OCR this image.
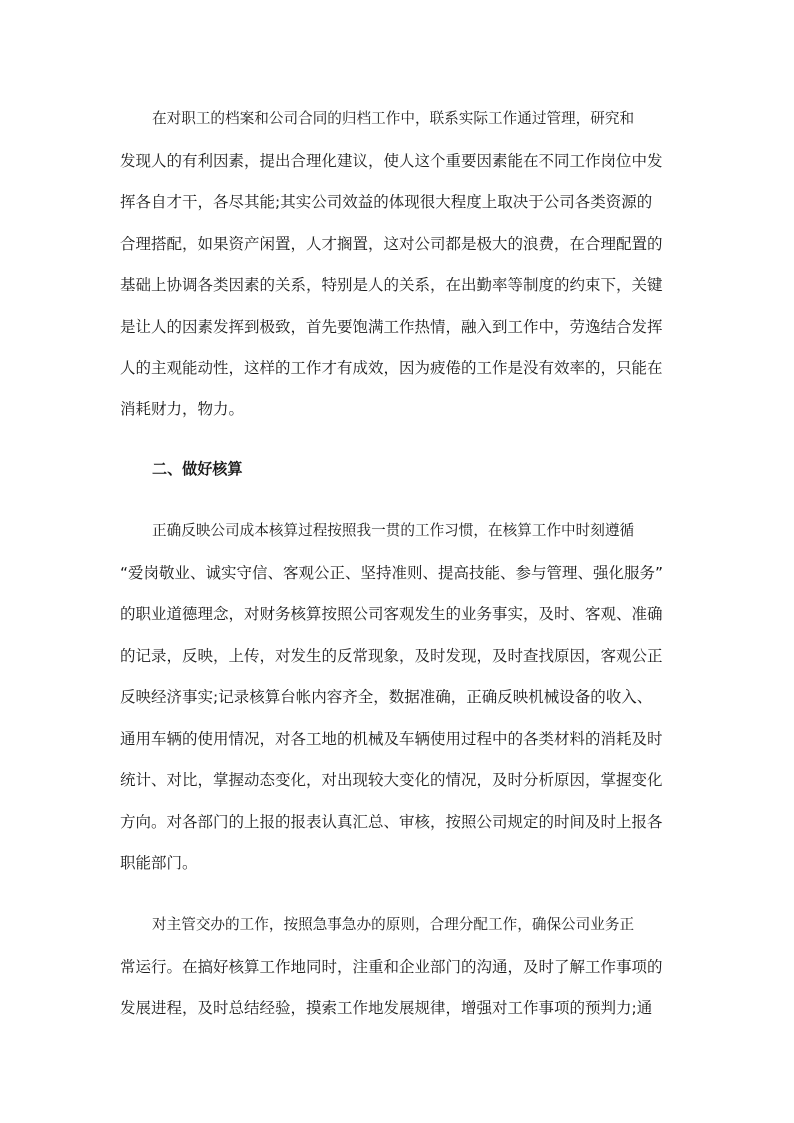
在对职工的档案和公司合同的归档工作中，联系实际工作通过管理，研究和
发现人的有利因素，提出合理化建议，使人这个重要因素能在不同工作岗位中发
挥各自才干，各尽其能;其实公司效益的体现很大程度上取决于公司各类资源的
合理搭配，如果资产闲置，人才搁置，这对公司都是极大的浪费，在合理配置的
基础上协调各类因素的关系，特别是人的关系，在出勤率等制度的约束下，关键
是让人的因素发挥到极致，首先要饱满工作热情，融入到工作中，劳逸结合发挥
人的主观能动性，这样的工作才有成效，因为疲倦的工作是没有效率的，只能在
消耗财力，物力。
二、做好核算
正确反映公司成本核算过程按照我一贯的工作习惯，在核算工作中时刻遵循
“爱岗敬业、诚实守信、客观公正、坚持准则、提高技能、参与管理、强化服务”
的职业道德理念，对财务核算按照公司客观发生的业务事实，及时、客观、准确
的记录，反映，上传，对发生的反常现象，及时发现，及时查找原因，客观公正
反映经济事实;记录核算台帐内容齐全，数据准确，正确反映机械设备的收入、
通用车辆的使用情况，对各工地的机械及车辆使用过程中的各类材料的消耗及时
统计、对比，掌握动态变化，对出现较大变化的情况，及时分析原因，掌握变化
方向。对各部门的上报的报表认真汇总、审核，按照公司规定的时间及时上报各
职能部门。
对主管交办的工作，按照急事急办的原则，合理分配工作，确保公司业务正
常运行。在搞好核算工作地同时，注重和企业部门的沟通，及时了解工作事项的
发展进程，及时总结经验，摸索工作地发展规律，增强对工作事项的预判力;通
